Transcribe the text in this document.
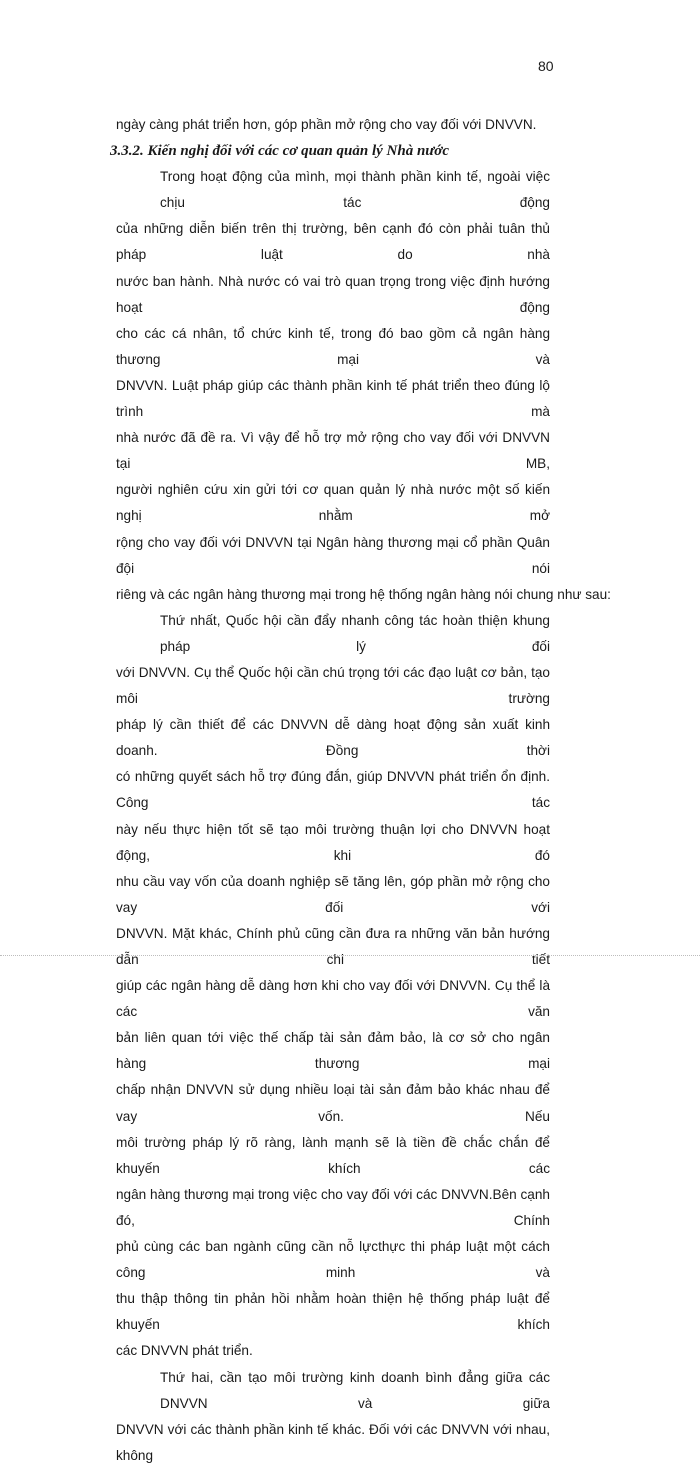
80
ngày càng phát triển hơn, góp phần mở rộng cho vay đối với DNVVN.
3.3.2. Kiến nghị đối với các cơ quan quản lý Nhà nước
Trong hoạt động của mình, mọi thành phần kinh tế, ngoài việc chịu tác động
của những diễn biến trên thị trường, bên cạnh đó còn phải tuân thủ pháp luật do nhà
nước ban hành. Nhà nước có vai trò quan trọng trong việc định hướng hoạt động
cho các cá nhân, tổ chức kinh tế, trong đó bao gồm cả ngân hàng thương mại và
DNVVN. Luật pháp giúp các thành phần kinh tế phát triển theo đúng lộ trình mà
nhà nước đã đề ra. Vì vậy để hỗ trợ mở rộng cho vay đối với DNVVN tại MB,
người nghiên cứu xin gửi tới cơ quan quản lý nhà nước một số kiến nghị nhằm mở
rộng cho vay đối với DNVVN tại Ngân hàng thương mại cổ phần Quân đội nói
riêng và các ngân hàng thương mại trong hệ thống ngân hàng nói chung như sau:
Thứ nhất, Quốc hội cần đẩy nhanh công tác hoàn thiện khung pháp lý đối
với DNVVN. Cụ thể Quốc hội cần chú trọng tới các đạo luật cơ bản, tạo môi trường
pháp lý cần thiết để các DNVVN dễ dàng hoạt động sản xuất kinh doanh. Đồng thời
có những quyết sách hỗ trợ đúng đắn, giúp DNVVN phát triển ổn định. Công tác
này nếu thực hiện tốt sẽ tạo môi trường thuận lợi cho DNVVN hoạt động, khi đó
nhu cầu vay vốn của doanh nghiệp sẽ tăng lên, góp phần mở rộng cho vay đối với
DNVVN. Mặt khác, Chính phủ cũng cần đưa ra những văn bản hướng dẫn chi tiết
giúp các ngân hàng dễ dàng hơn khi cho vay đối với DNVVN. Cụ thể là các văn
bản liên quan tới việc thế chấp tài sản đảm bảo, là cơ sở cho ngân hàng thương mại
chấp nhận DNVVN sử dụng nhiều loại tài sản đảm bảo khác nhau để vay vốn. Nếu
môi trường pháp lý rõ ràng, lành mạnh sẽ là tiền đề chắc chắn để khuyến khích các
ngân hàng thương mại trong việc cho vay đối với các DNVVN.Bên cạnh đó, Chính
phủ cùng các ban ngành cũng cần nỗ lựcthực thi pháp luật một cách công minh và
thu thập thông tin phản hồi nhằm hoàn thiện hệ thống pháp luật để khuyến khích
các DNVVN phát triển.
Thứ hai, cần tạo môi trường kinh doanh bình đẳng giữa các DNVVN và giữa
DNVVN với các thành phần kinh tế khác. Đối với các DNVVN với nhau, không
